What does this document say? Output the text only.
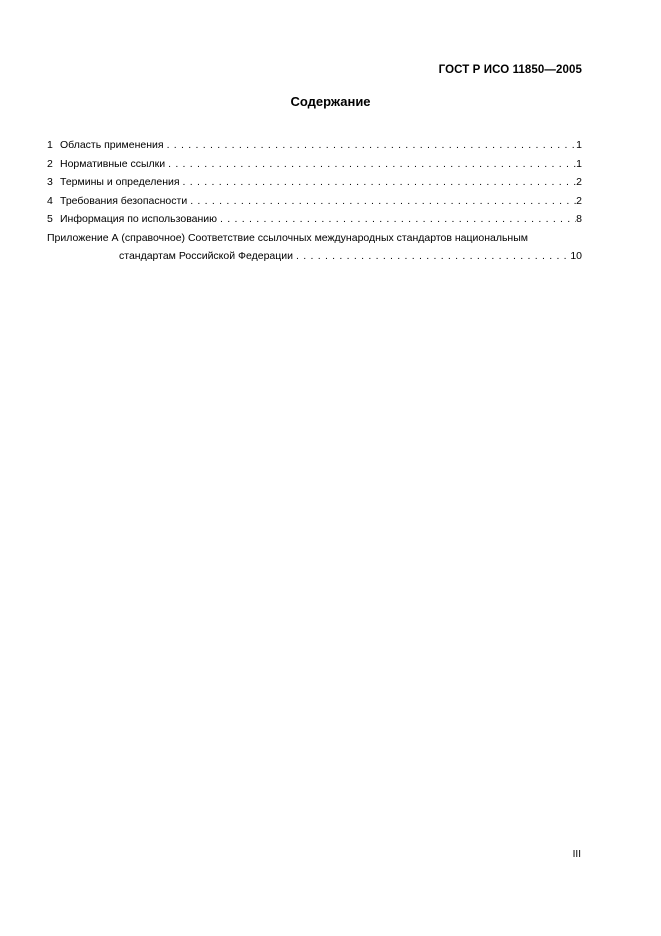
ГОСТ Р ИСО 11850—2005
Содержание
1 Область применения . . .	1
2 Нормативные ссылки . . .	1
3 Термины и определения . . .	2
4 Требования безопасности . . .	2
5 Информация по использованию . . .	8
Приложение А (справочное) Соответствие ссылочных международных стандартов национальным
стандартам Российской Федерации . . .	10
III
